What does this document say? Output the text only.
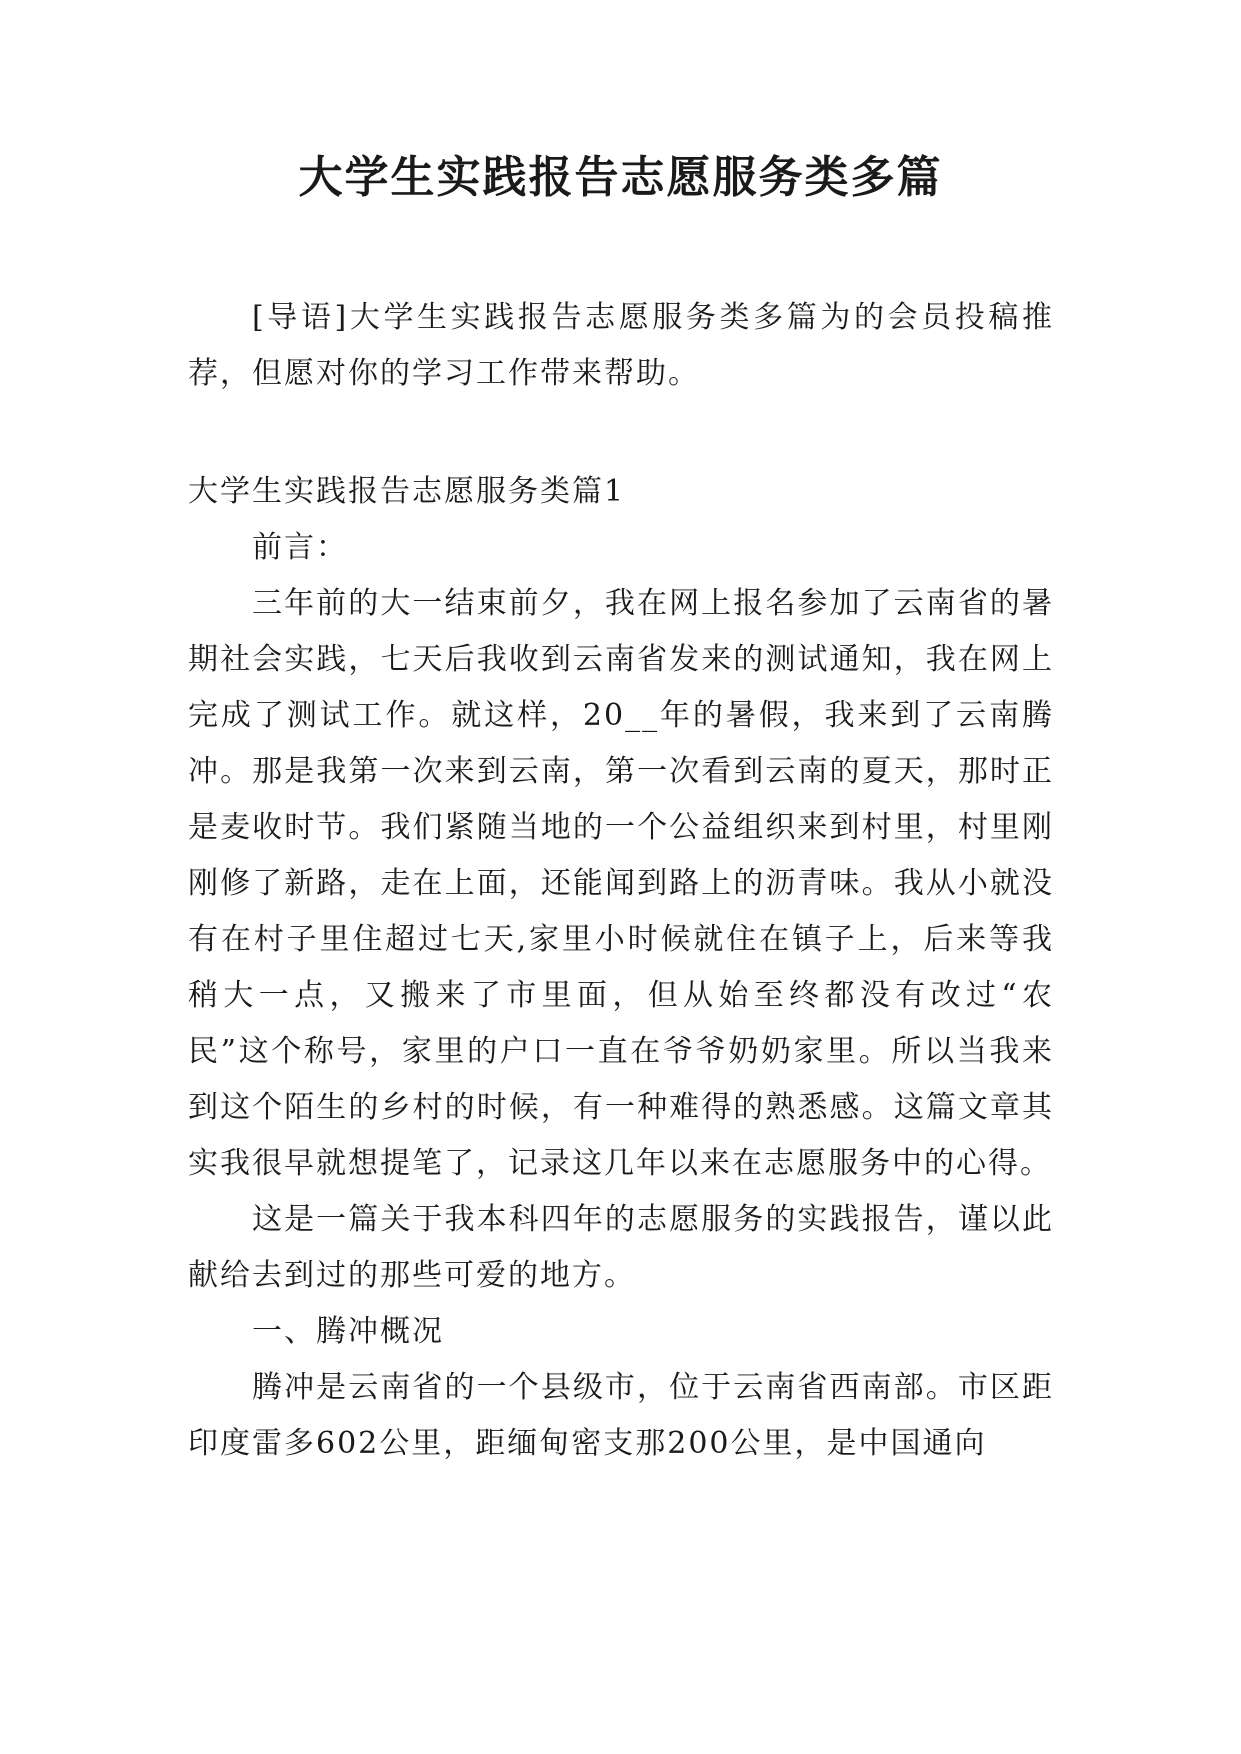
大学生实践报告志愿服务类多篇

[导语]大学生实践报告志愿服务类多篇为的会员投稿推荐，但愿对你的学习工作带来帮助。

大学生实践报告志愿服务类篇1

前言：

三年前的大一结束前夕，我在网上报名参加了云南省的暑期社会实践，七天后我收到云南省发来的测试通知，我在网上完成了测试工作。就这样，20__年的暑假，我来到了云南腾冲。那是我第一次来到云南，第一次看到云南的夏天，那时正是麦收时节。我们紧随当地的一个公益组织来到村里，村里刚刚修了新路，走在上面，还能闻到路上的沥青味。我从小就没有在村子里住超过七天,家里小时候就住在镇子上，后来等我稍大一点，又搬来了市里面，但从始至终都没有改过“农民”这个称号，家里的户口一直在爷爷奶奶家里。所以当我来到这个陌生的乡村的时候，有一种难得的熟悉感。这篇文章其实我很早就想提笔了，记录这几年以来在志愿服务中的心得。

这是一篇关于我本科四年的志愿服务的实践报告，谨以此献给去到过的那些可爱的地方。

一、腾冲概况

腾冲是云南省的一个县级市，位于云南省西南部。市区距印度雷多602公里，距缅甸密支那200公里，是中国通向
